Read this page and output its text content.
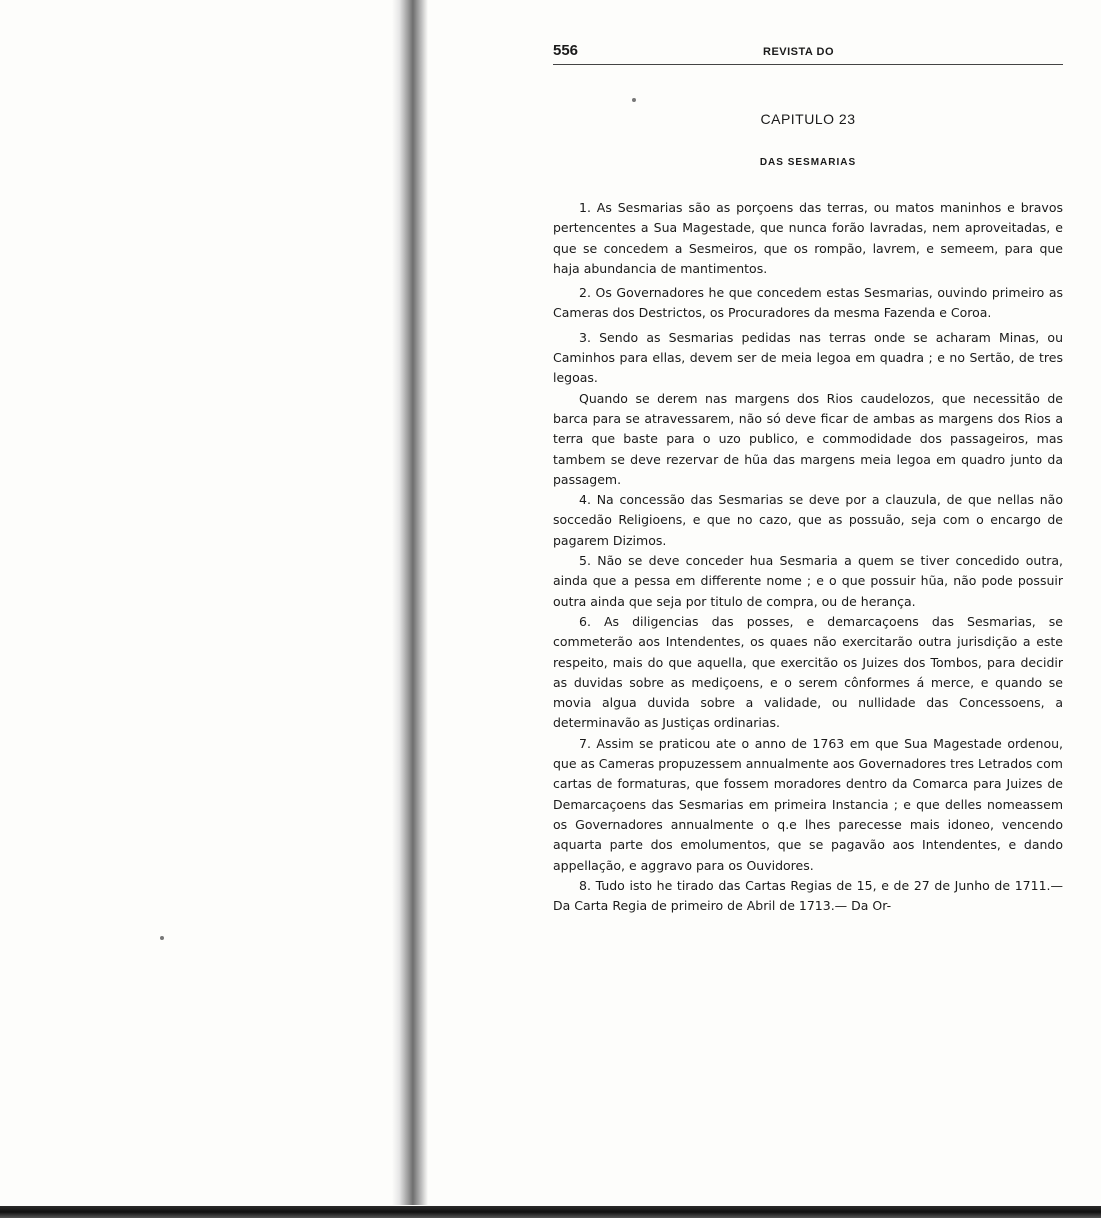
556	REVISTA DO
CAPITULO 23
DAS SESMARIAS

1. As Sesmarias são as porçoens das terras, ou matos maninhos e bravos pertencentes a Sua Magestade, que nunca forão lavradas, nem aproveitadas, e que se concedem a Sesmeiros, que os rompão, lavrem, e semeem, para que haja abundancia de mantimentos.

2. Os Governadores he que concedem estas Sesmarias, ouvindo primeiro as Cameras dos Destrictos, os Procuradores da mesma Fazenda e Coroa.

3. Sendo as Sesmarias pedidas nas terras onde se acharam Minas, ou Caminhos para ellas, devem ser de meia legoa em quadra ; e no Sertão, de tres legoas.

Quando se derem nas margens dos Rios caudelozos, que necessitão de barca para se atravessarem, não só deve ficar de ambas as margens dos Rios a terra que baste para o uzo publico, e commodidade dos passageiros, mas tambem se deve rezervar de hũa das margens meia legoa em quadro junto da passagem.

4. Na concessão das Sesmarias se deve por a clauzula, de que nellas não soccedão Religioens, e que no cazo, que as possuão, seja com o encargo de pagarem Dizimos.

5. Não se deve conceder hua Sesmaria a quem se tiver concedido outra, ainda que a pessa em differente nome ; e o que possuir hũa, não pode possuir outra ainda que seja por titulo de compra, ou de herança.

6. As diligencias das posses, e demarcaçoens das Sesmarias, se commeterão aos Intendentes, os quaes não exercitarão outra jurisdição a este respeito, mais do que aquella, que exercitão os Juizes dos Tombos, para decidir as duvidas sobre as mediçoens, e o serem cônformes á merce, e quando se movia algua duvida sobre a validade, ou nullidade das Concessoens, a determinavão as Justiças ordinarias.

7. Assim se praticou ate o anno de 1763 em que Sua Magestade ordenou, que as Cameras propuzessem annualmente aos Governadores tres Letrados com cartas de formaturas, que fossem moradores dentro da Comarca para Juizes de Demarcaçoens das Sesmarias em primeira Instancia ; e que delles nomeassem os Governadores annualmente o q.e lhes parecesse mais idoneo, vencendo aquarta parte dos emolumentos, que se pagavão aos Intendentes, e dando appellação, e aggravo para os Ouvidores.

8. Tudo isto he tirado das Cartas Regias de 15, e de 27 de Junho de 1711.— Da Carta Regia de primeiro de Abril de 1713.— Da Or-
